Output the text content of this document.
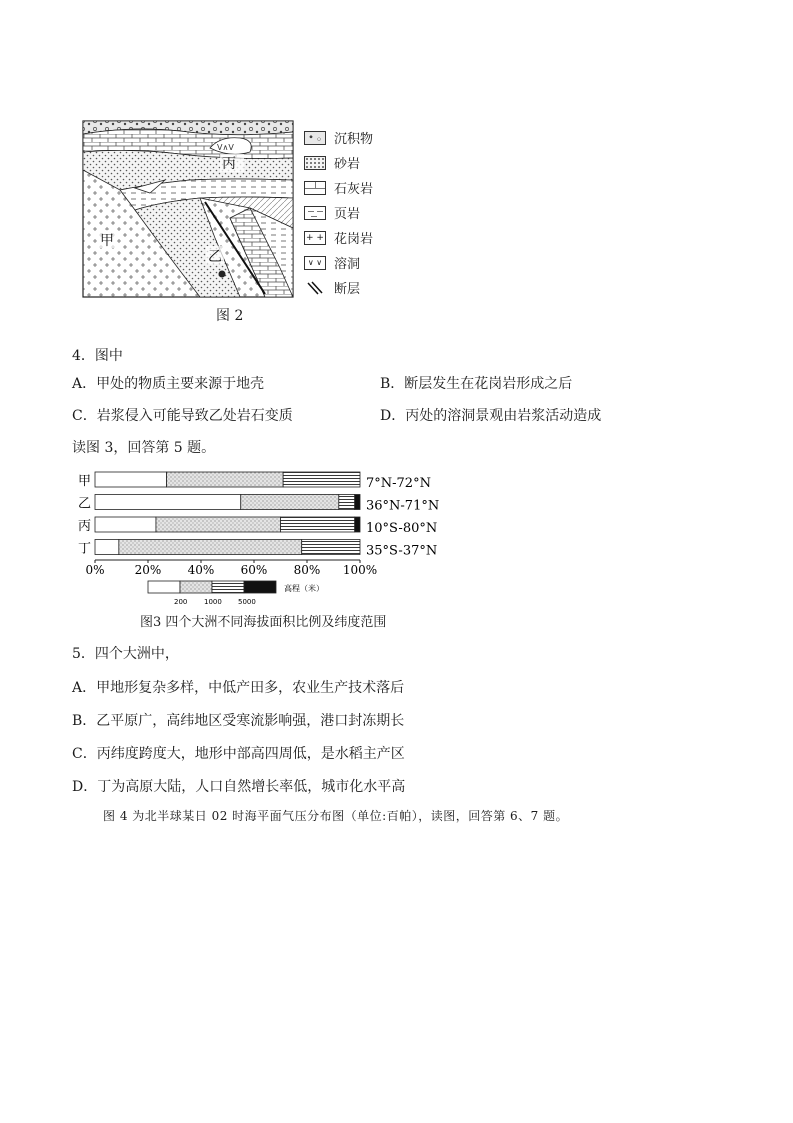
V∧V
丙
甲
乙
沉积物
砂岩
石灰岩
页岩
+ + 花岗岩
∨ ∨ 溶洞
断层
图 2
4．图中
A．甲处的物质主要来源于地壳	B．断层发生在花岗岩形成之后
C．岩浆侵入可能导致乙处岩石变质	D．丙处的溶洞景观由岩浆活动造成
读图 3，回答第 5 题。
甲	7°N-72°N
乙	36°N-71°N
丙	10°S-80°N
丁	35°S-37°N
0%	20% 40% 60% 80% 100%
200 1000 5000
高程（米）
图3 四个大洲不同海拔面积比例及纬度范围
5．四个大洲中，
A．甲地形复杂多样，中低产田多，农业生产技术落后
B．乙平原广，高纬地区受寒流影响强，港口封冻期长
C．丙纬度跨度大，地形中部高四周低，是水稻主产区
D．丁为高原大陆，人口自然增长率低，城市化水平高
图 4 为北半球某日 02 时海平面气压分布图（单位:百帕），读图，回答第 6、7 题。
